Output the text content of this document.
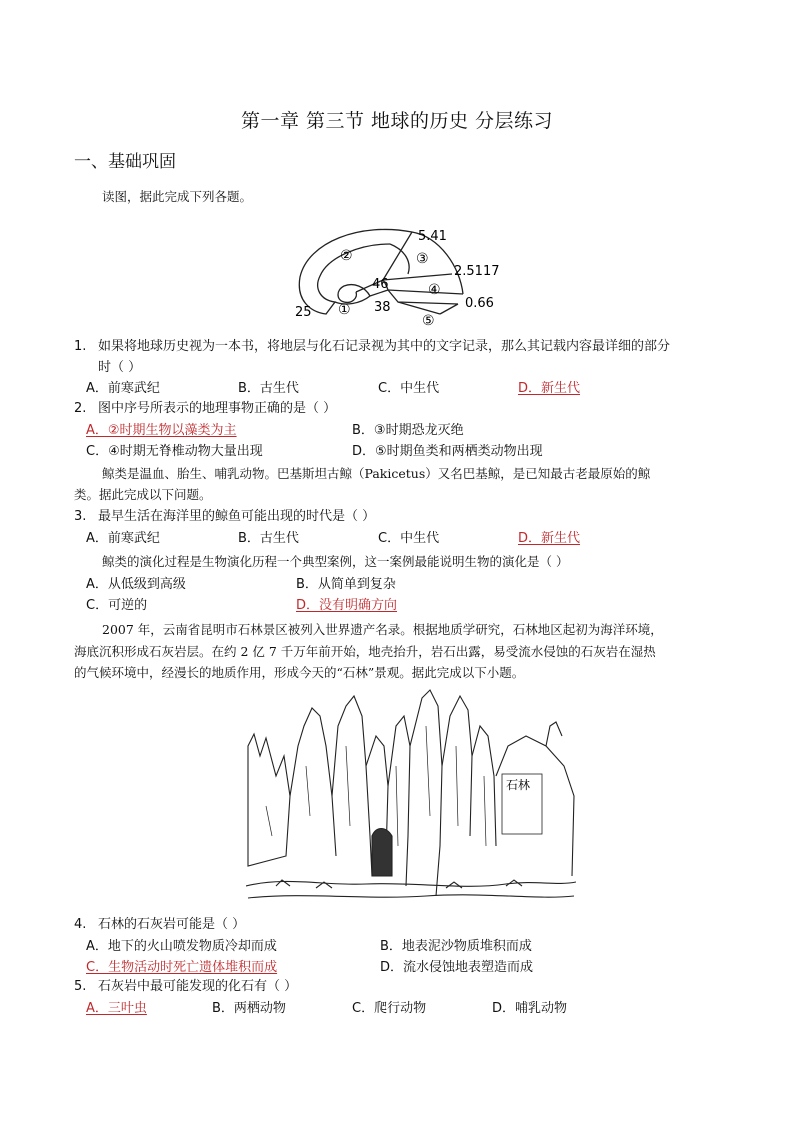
第一章 第三节 地球的历史 分层练习
一、基础巩固
读图，据此完成下列各题。
5.41
2.5117
0.66
25
46
38
①
②	③
④
⑤
1. 如果将地球历史视为一本书，将地层与化石记录视为其中的文字记录，那么其记载内容最详细的部分
时（ ）
A．前寒武纪	B．古生代	C．中生代	D．新生代
2. 图中序号所表示的地理事物正确的是（ ）
A．②时期生物以藻类为主	B．③时期恐龙灭绝
C．④时期无脊椎动物大量出现	D．⑤时期鱼类和两栖类动物出现
鲸类是温血、胎生、哺乳动物。巴基斯坦古鲸（Pakicetus）又名巴基鲸，是已知最古老最原始的鲸
类。据此完成以下问题。
3. 最早生活在海洋里的鲸鱼可能出现的时代是（ ）
A．前寒武纪	B．古生代	C．中生代	D．新生代
鲸类的演化过程是生物演化历程一个典型案例，这一案例最能说明生物的演化是（ ）
A．从低级到高级	B．从简单到复杂
C．可逆的	D．没有明确方向
2007 年，云南省昆明市石林景区被列入世界遗产名录。根据地质学研究，石林地区起初为海洋环境，
海底沉积形成石灰岩层。在约 2 亿 7 千万年前开始，地壳抬升，岩石出露，易受流水侵蚀的石灰岩在湿热
的气候环境中，经漫长的地质作用，形成今天的“石林”景观。据此完成以下小题。
石林
4. 石林的石灰岩可能是（ ）
A．地下的火山喷发物质冷却而成	B．地表泥沙物质堆积而成
C．生物活动时死亡遗体堆积而成	D．流水侵蚀地表塑造而成
5. 石灰岩中最可能发现的化石有（ ）
A．三叶虫	B．两栖动物	C．爬行动物	D．哺乳动物
